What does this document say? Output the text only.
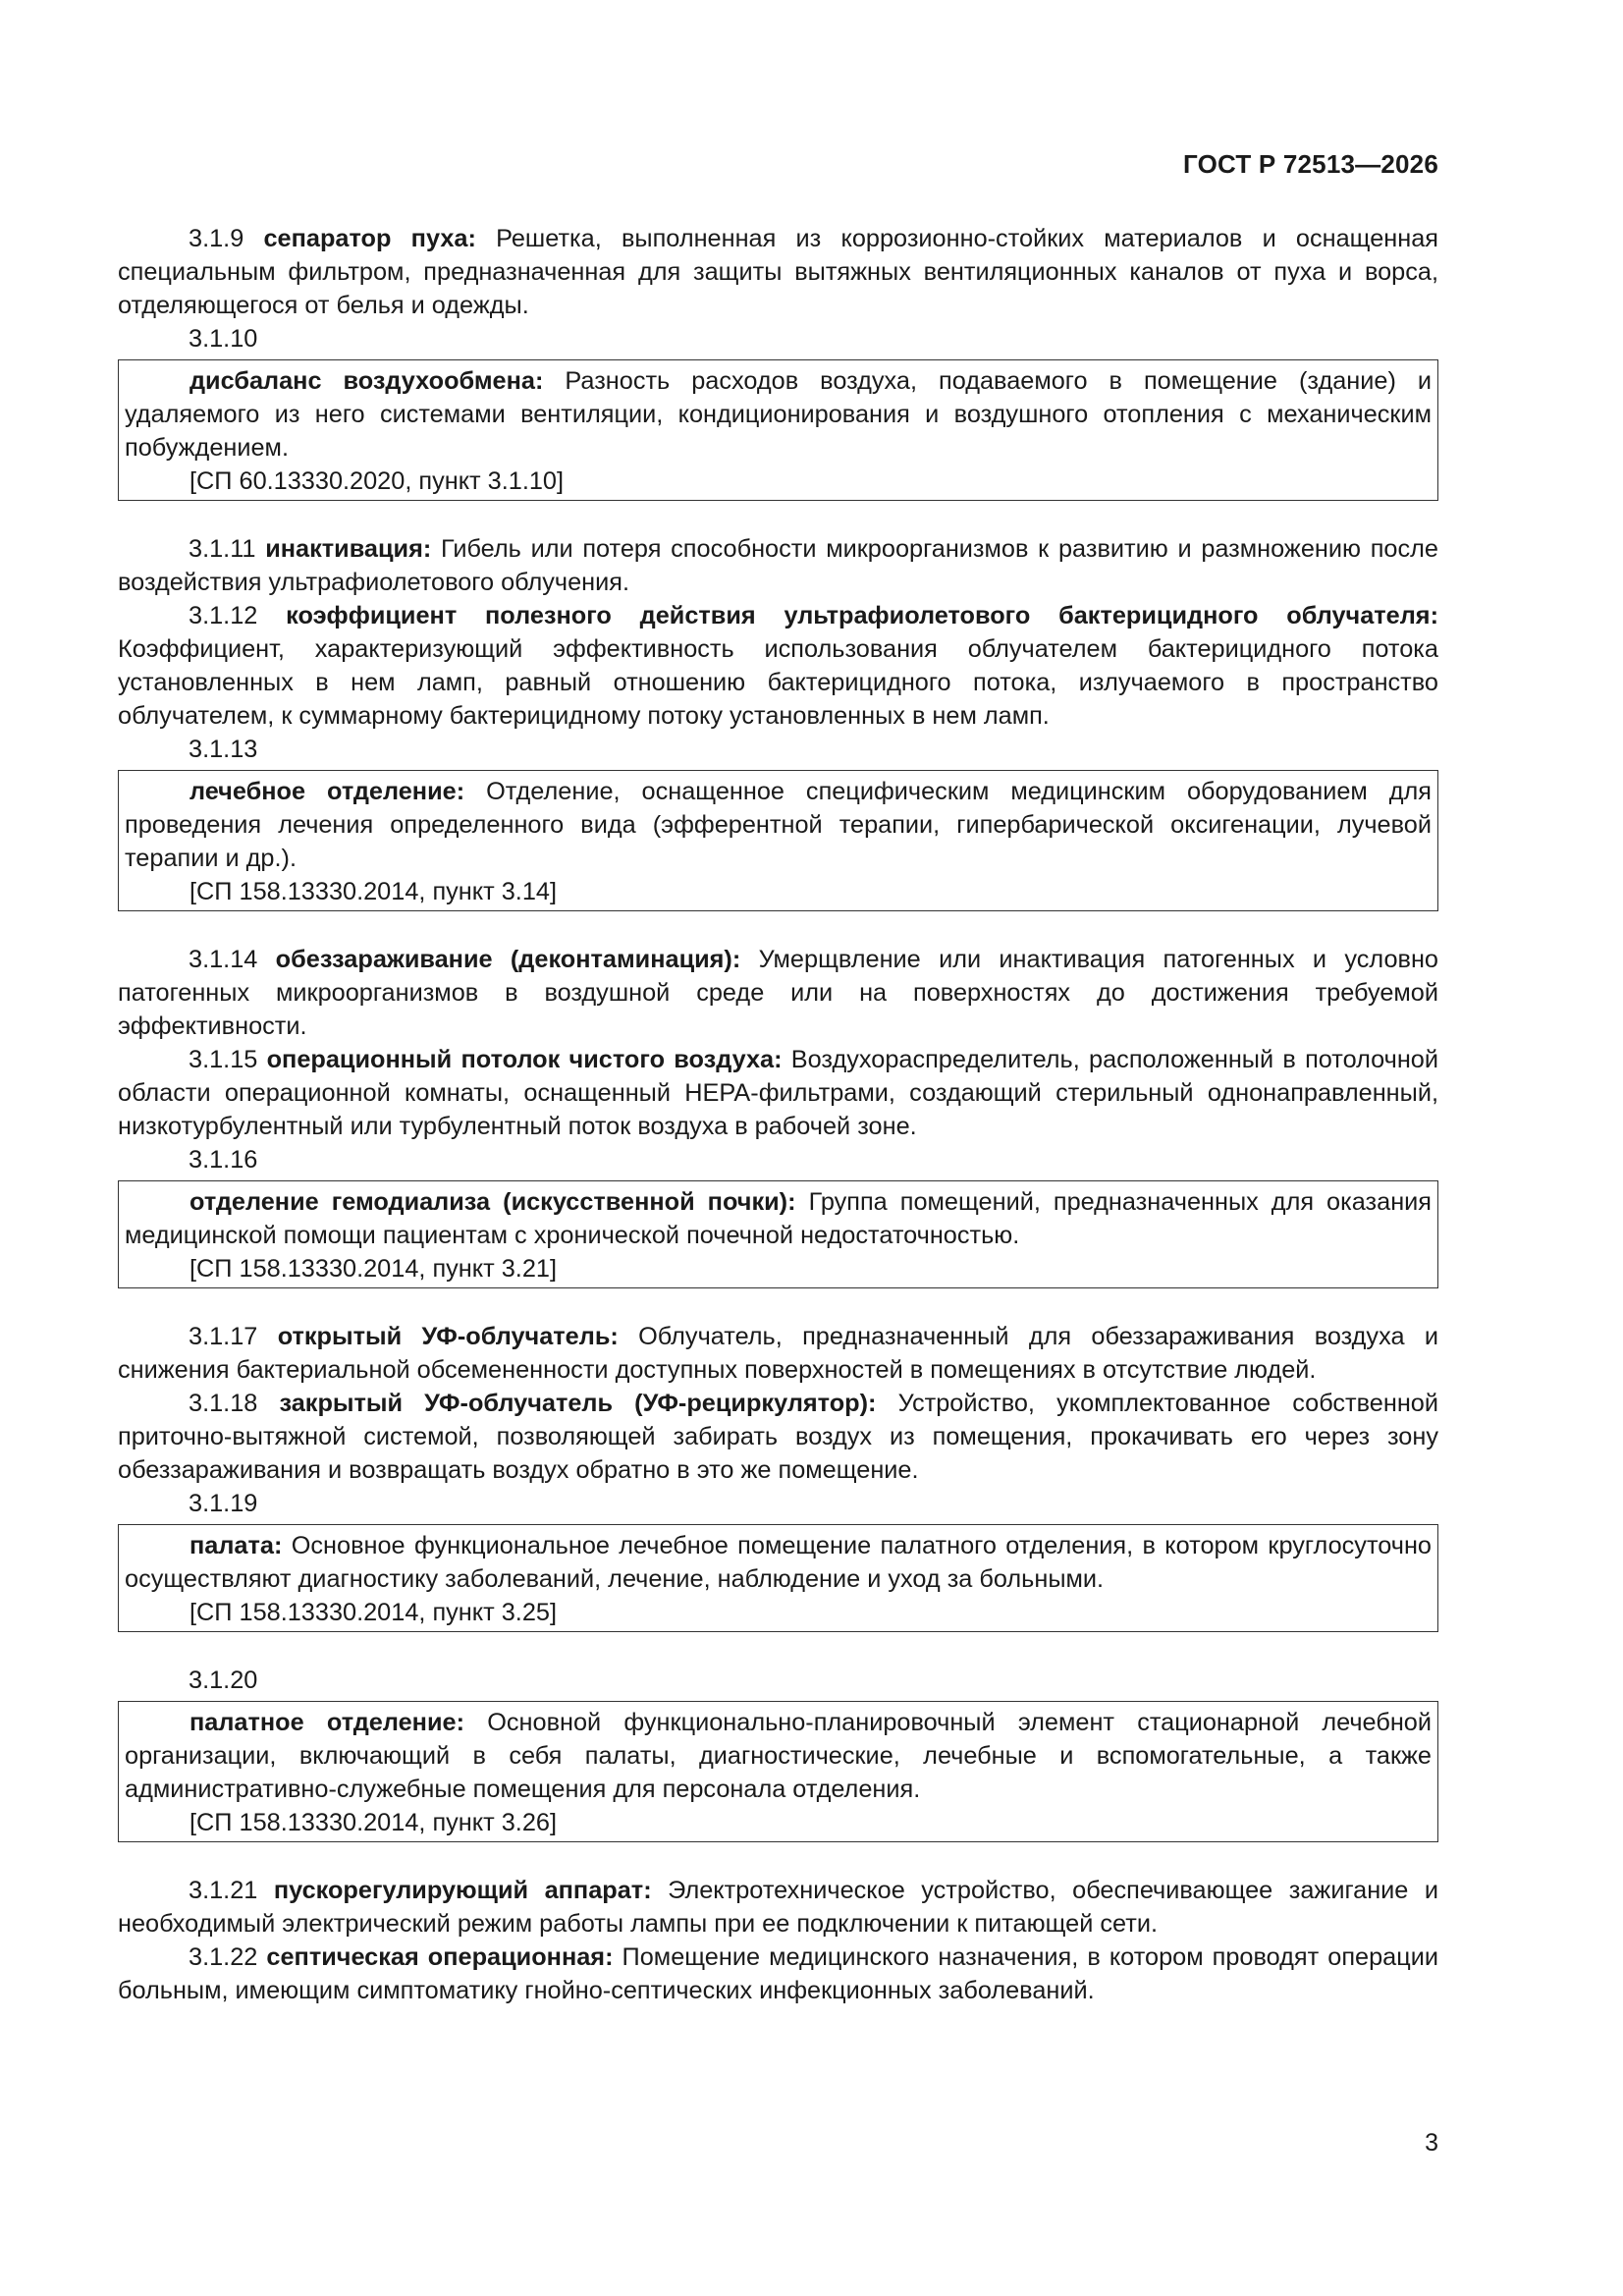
ГОСТ Р 72513—2026

3.1.9 сепаратор пуха: Решетка, выполненная из коррозионно-стойких материалов и оснащенная специальным фильтром, предназначенная для защиты вытяжных вентиляционных каналов от пуха и ворса, отделяющегося от белья и одежды.

3.1.10

дисбаланс воздухообмена: Разность расходов воздуха, подаваемого в помещение (здание) и удаляемого из него системами вентиляции, кондиционирования и воздушного отопления с механическим побуждением.

[СП 60.13330.2020, пункт 3.1.10]

3.1.11 инактивация: Гибель или потеря способности микроорганизмов к развитию и размножению после воздействия ультрафиолетового облучения.

3.1.12 коэффициент полезного действия ультрафиолетового бактерицидного облучателя: Коэффициент, характеризующий эффективность использования облучателем бактерицидного потока установленных в нем ламп, равный отношению бактерицидного потока, излучаемого в пространство облучателем, к суммарному бактерицидному потоку установленных в нем ламп.

3.1.13

лечебное отделение: Отделение, оснащенное специфическим медицинским оборудованием для проведения лечения определенного вида (эфферентной терапии, гипербарической оксигенации, лучевой терапии и др.).

[СП 158.13330.2014, пункт 3.14]

3.1.14 обеззараживание (деконтаминация): Умерщвление или инактивация патогенных и условно патогенных микроорганизмов в воздушной среде или на поверхностях до достижения требуемой эффективности.

3.1.15 операционный потолок чистого воздуха: Воздухораспределитель, расположенный в потолочной области операционной комнаты, оснащенный HEPA-фильтрами, создающий стерильный однонаправленный, низкотурбулентный или турбулентный поток воздуха в рабочей зоне.

3.1.16

отделение гемодиализа (искусственной почки): Группа помещений, предназначенных для оказания медицинской помощи пациентам с хронической почечной недостаточностью.

[СП 158.13330.2014, пункт 3.21]

3.1.17 открытый УФ-облучатель: Облучатель, предназначенный для обеззараживания воздуха и снижения бактериальной обсемененности доступных поверхностей в помещениях в отсутствие людей.

3.1.18 закрытый УФ-облучатель (УФ-рециркулятор): Устройство, укомплектованное собственной приточно-вытяжной системой, позволяющей забирать воздух из помещения, прокачивать его через зону обеззараживания и возвращать воздух обратно в это же помещение.

3.1.19

палата: Основное функциональное лечебное помещение палатного отделения, в котором круглосуточно осуществляют диагностику заболеваний, лечение, наблюдение и уход за больными.

[СП 158.13330.2014, пункт 3.25]

3.1.20

палатное отделение: Основной функционально-планировочный элемент стационарной лечебной организации, включающий в себя палаты, диагностические, лечебные и вспомогательные, а также административно-служебные помещения для персонала отделения.

[СП 158.13330.2014, пункт 3.26]

3.1.21 пускорегулирующий аппарат: Электротехническое устройство, обеспечивающее зажигание и необходимый электрический режим работы лампы при ее подключении к питающей сети.

3.1.22 септическая операционная: Помещение медицинского назначения, в котором проводят операции больным, имеющим симптоматику гнойно-септических инфекционных заболеваний.

3
